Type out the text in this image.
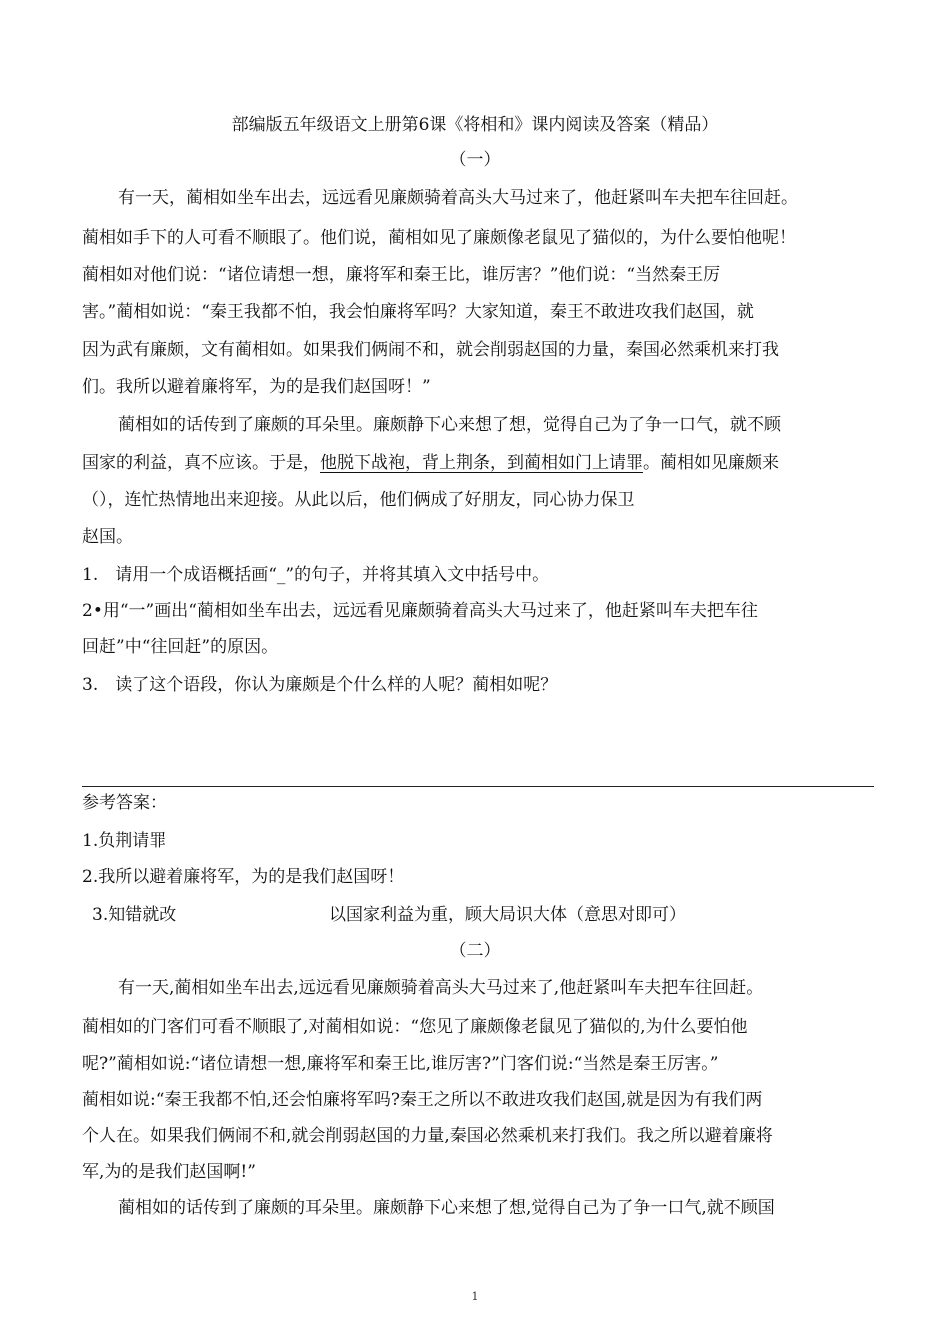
部编版五年级语文上册第6课《将相和》课内阅读及答案（精品）
（一）
有一天，蔺相如坐车出去，远远看见廉颇骑着高头大马过来了，他赶紧叫车夫把车往回赶。
蔺相如手下的人可看不顺眼了。他们说，蔺相如见了廉颇像老鼠见了猫似的，为什么要怕他呢！
蔺相如对他们说：“诸位请想一想，廉将军和秦王比，谁厉害？”他们说：“当然秦王厉
害。”蔺相如说：“秦王我都不怕，我会怕廉将军吗？大家知道，秦王不敢进攻我们赵国，就
因为武有廉颇，文有蔺相如。如果我们俩闹不和，就会削弱赵国的力量，秦国必然乘机来打我
们。我所以避着廉将军，为的是我们赵国呀！”
蔺相如的话传到了廉颇的耳朵里。廉颇静下心来想了想，觉得自己为了争一口气，就不顾
国家的利益，真不应该。于是，他脱下战袍，背上荆条，到蔺相如门上请罪。蔺相如见廉颇来
（），连忙热情地出来迎接。从此以后，他们俩成了好朋友，同心协力保卫
赵国。
1.　请用一个成语概括画“_”的句子，并将其填入文中括号中。
2•用“一”画出“蔺相如坐车出去，远远看见廉颇骑着高头大马过来了，他赶紧叫车夫把车往
回赶”中“往回赶”的原因。
3.　读了这个语段，你认为廉颇是个什么样的人呢？蔺相如呢？
参考答案：
1.负荆请罪
2.我所以避着廉将军，为的是我们赵国呀！
3.知错就改	以国家利益为重，顾大局识大体（意思对即可）
（二）
有一天,蔺相如坐车出去,远远看见廉颇骑着高头大马过来了,他赶紧叫车夫把车往回赶。
蔺相如的门客们可看不顺眼了,对蔺相如说：“您见了廉颇像老鼠见了猫似的,为什么要怕他
呢?”蔺相如说:“诸位请想一想,廉将军和秦王比,谁厉害?”门客们说:“当然是秦王厉害。”
蔺相如说:“秦王我都不怕,还会怕廉将军吗?秦王之所以不敢进攻我们赵国,就是因为有我们两
个人在。如果我们俩闹不和,就会削弱赵国的力量,秦国必然乘机来打我们。我之所以避着廉将
军,为的是我们赵国啊!”
蔺相如的话传到了廉颇的耳朵里。廉颇静下心来想了想,觉得自己为了争一口气,就不顾国
1
